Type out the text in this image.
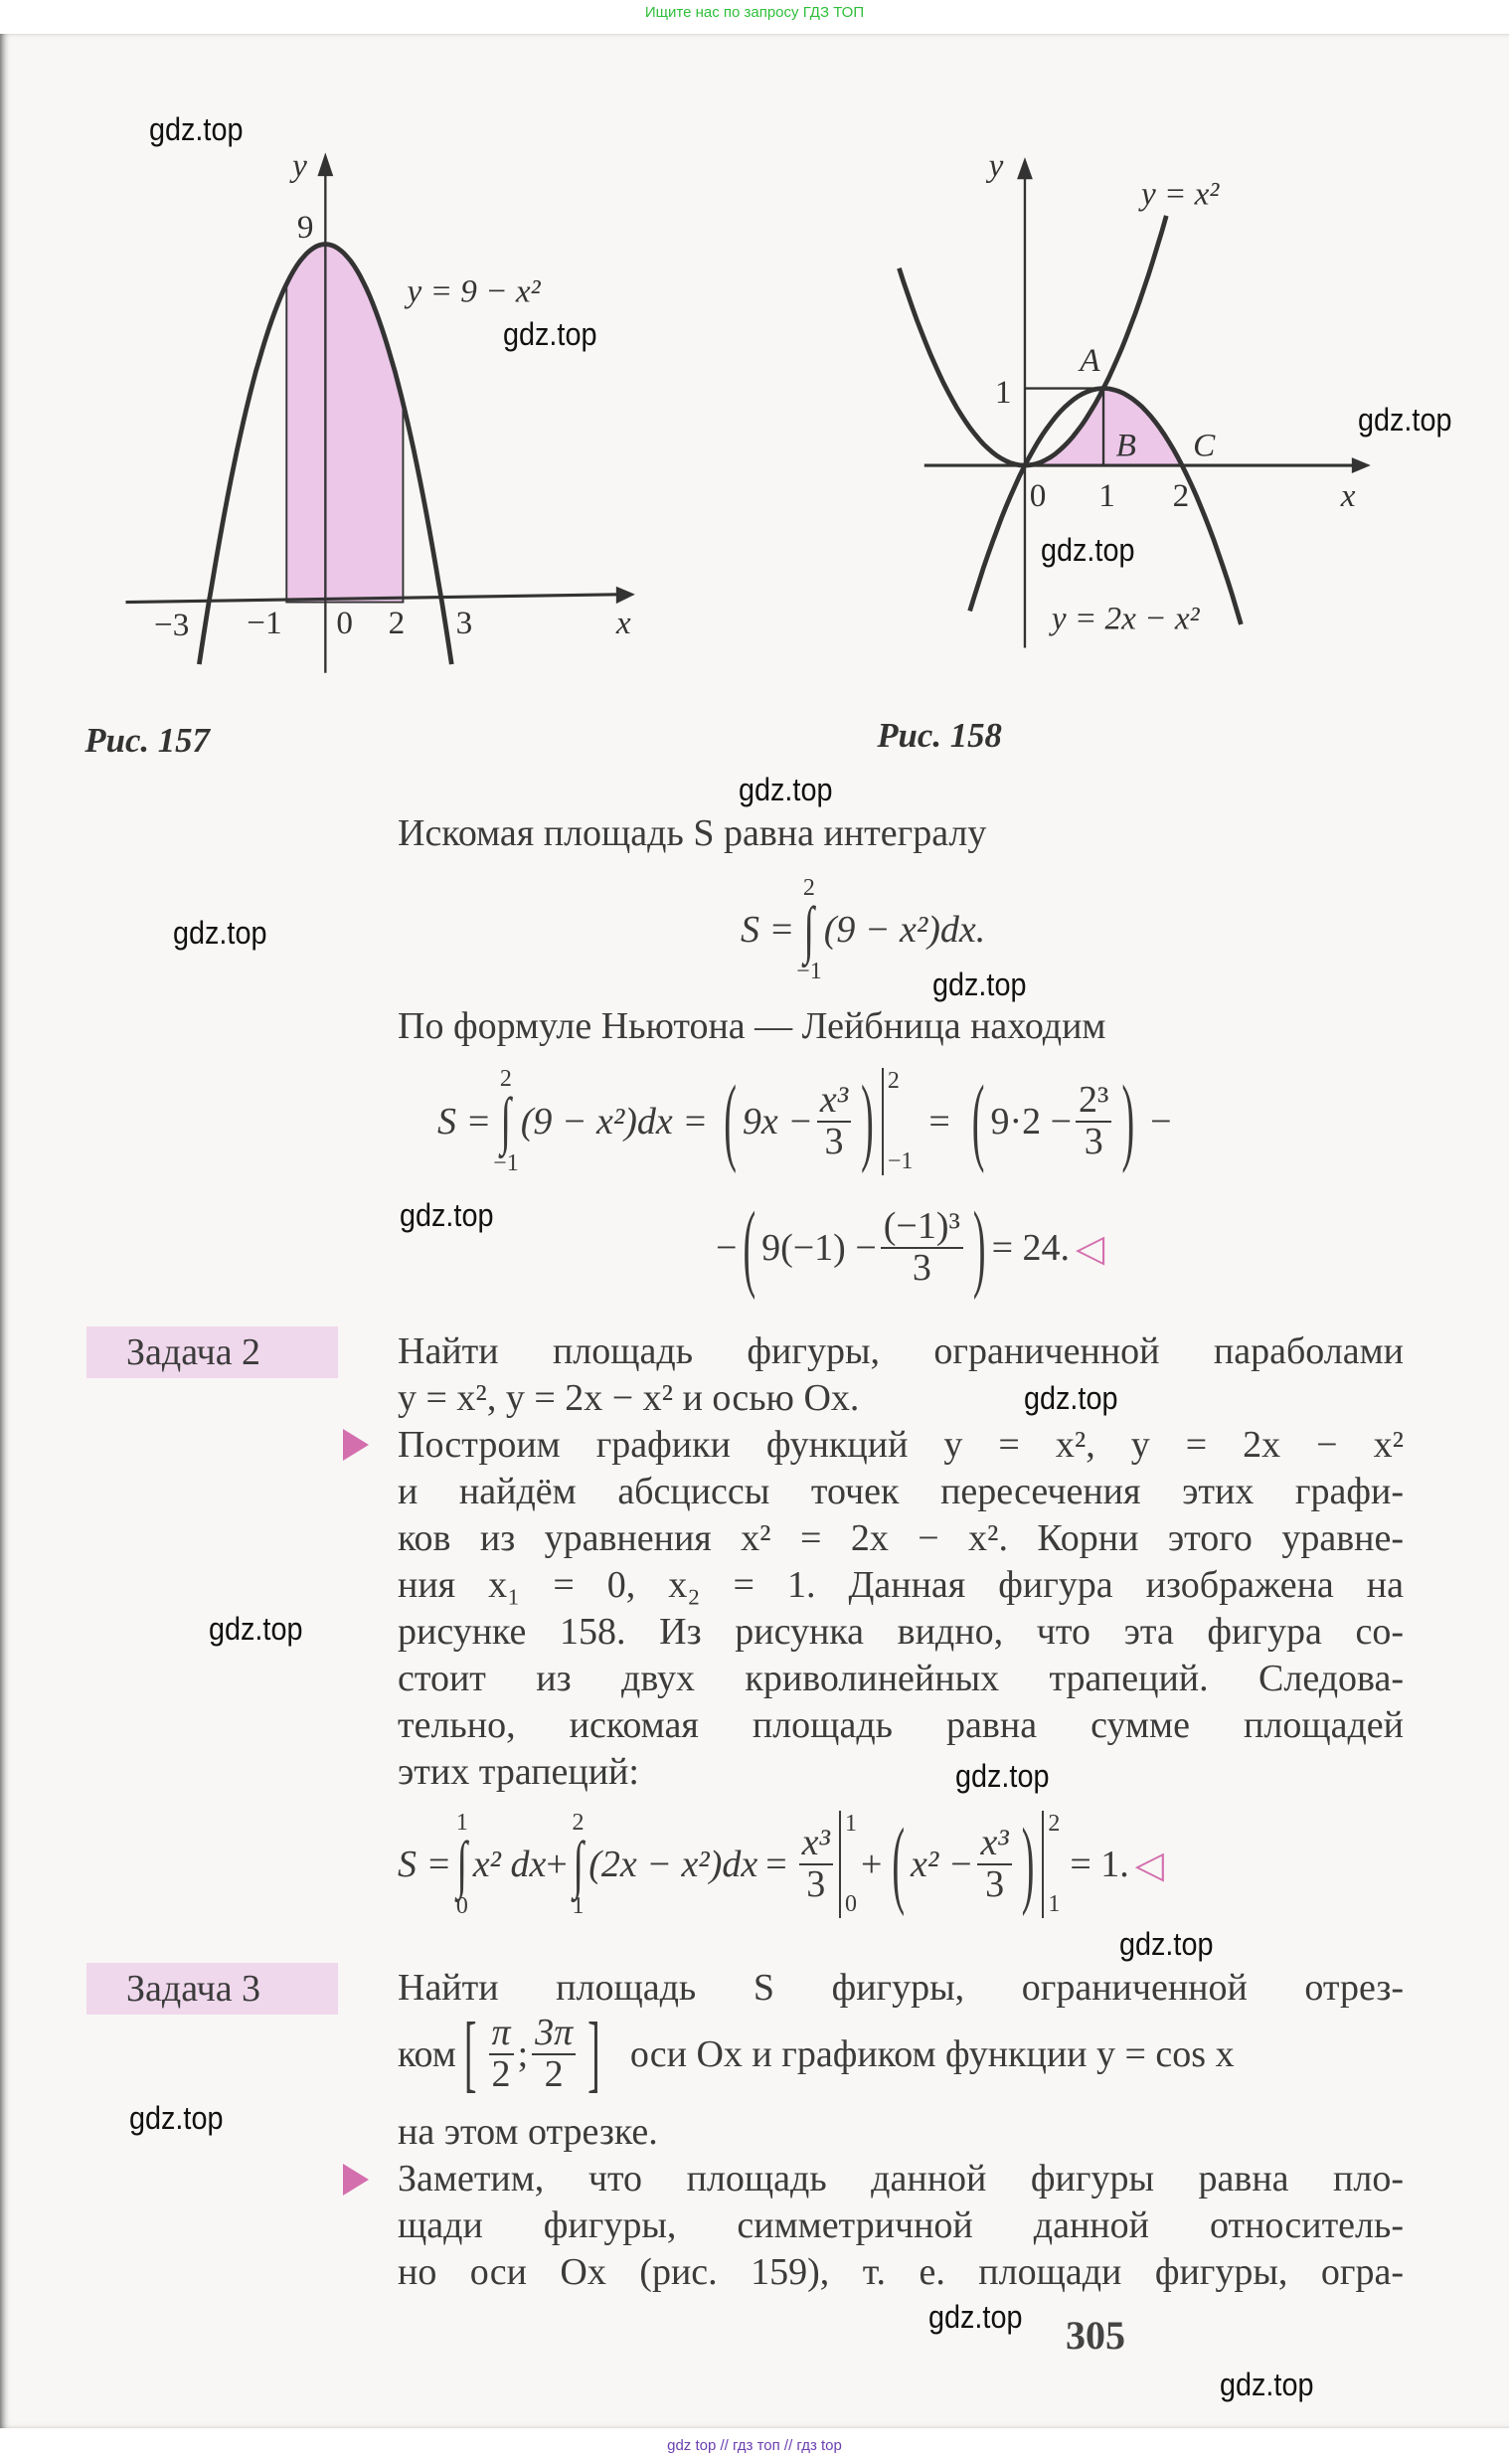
Ищите нас по запросу ГДЗ ТОП
y
9
y = 9 − x²
−3	−1	0 2 3	x
Рис. 157
y
1
0	1	2	x
A
B	C
y = x²
y = 2x − x²
Рис. 158
Искомая площадь S равна интегралу
S =
2
∫
−1
(9 − x²)dx.
По формуле Ньютона — Лейбница находим
S =
2
∫
−1
(9 − x²)dx = ( $9x - \frac{\text{x³}}{3}$ ) 2
−1
= ( $9\cdot 2 - \frac{\text{2³}}{3}$ ) −
− ( $9(-1) - \frac{\text{(−1)³}}{3}$ ) = 24. ◁
Задача 2	Найти площадь фигуры, ограниченной параболами
y = x², y = 2x − x² и осью Ox.
Построим графики функций y = x², y = 2x − x²
и найдём абсциссы точек пересечения этих графи-
ков из уравнения x² = 2x − x². Корни этого уравне-
ния x₁ = 0, x₂ = 1. Данная фигура изображена на
рисунке 158. Из рисунка видно, что эта фигура со-
стоит из двух криволинейных трапеций. Следова-
тельно, искомая площадь равна сумме площадей
этих трапеций:
S =
1
∫
0
x² dx +
2
∫
1
$(2x - x^2)dx = \frac{\text{x³}}{3}$
1
0
+ ( $x^2 - \frac{\text{x³}}{3}$ ) 2
1
= 1. ◁
Задача 3	Найти площадь S фигуры, ограниченной отрез-
ком [ $\frac{\pi}{2}$ ; $\frac{3\pi}{2}$ ] оси Ox и графиком функции y = cos x
на этом отрезке.
Заметим, что площадь данной фигуры равна пло-
щади фигуры, симметричной данной относитель-
но оси Ox (рис. 159), т. е. площади фигуры, огра-
305
gdz.top
gdz.top
gdz.top
gdz.top
gdz.top
gdz.top
gdz.top
gdz.top
gdz.top
gdz.top
gdz.top
gdz.top
gdz.top
gdz.top
gdz.top
gdz top // гдз топ // гдз top
